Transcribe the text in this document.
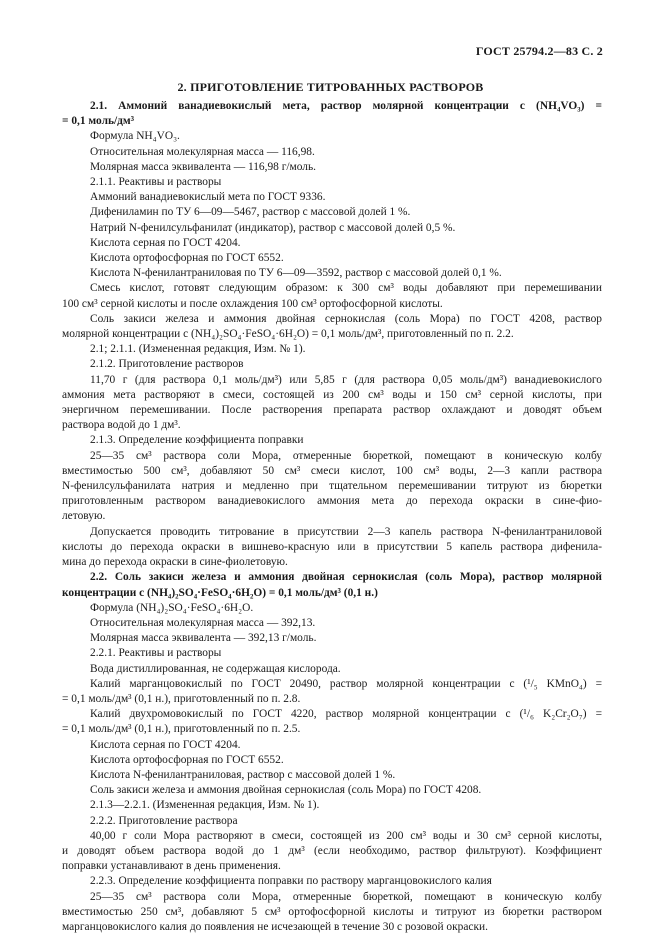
ГОСТ 25794.2—83 С. 2
2. ПРИГОТОВЛЕНИЕ ТИТРОВАННЫХ РАСТВОРОВ

2.1. Аммоний ванадиевокислый мета, раствор молярной концентрации c (NH₄VO₃) =

= 0,1 моль/дм³

Формула NH₄VO₃.

Относительная молекулярная масса — 116,98.

Молярная масса эквивалента — 116,98 г/моль.

2.1.1. Реактивы и растворы

Аммоний ванадиевокислый мета по ГОСТ 9336.

Дифениламин по ТУ 6—09—5467, раствор с массовой долей 1 %.

Натрий N-фенилсульфанилат (индикатор), раствор с массовой долей 0,5 %.

Кислота серная по ГОСТ 4204.

Кислота ортофосфорная по ГОСТ 6552.

Кислота N-фенилантраниловая по ТУ 6—09—3592, раствор с массовой долей 0,1 %.

Смесь кислот, готовят следующим образом: к 300 см³ воды добавляют при перемешивании

100 см³ серной кислоты и после охлаждения 100 см³ ортофосфорной кислоты.

Соль закиси железа и аммония двойная сернокислая (соль Мора) по ГОСТ 4208, раствор

молярной концентрации c (NH₄)₂SO₄·FeSO₄·6H₂O) = 0,1 моль/дм³, приготовленный по п. 2.2.

2.1; 2.1.1. (Измененная редакция, Изм. № 1).

2.1.2. Приготовление растворов

11,70 г (для раствора 0,1 моль/дм³) или 5,85 г (для раствора 0,05 моль/дм³) ванадиевокислого

аммония мета растворяют в смеси, состоящей из 200 см³ воды и 150 см³ серной кислоты, при

энергичном перемешивании. После растворения препарата раствор охлаждают и доводят объем

раствора водой до 1 дм³.

2.1.3. Определение коэффициента поправки

25—35 см³ раствора соли Мора, отмеренные бюреткой, помещают в коническую колбу

вместимостью 500 см³, добавляют 50 см³ смеси кислот, 100 см³ воды, 2—3 капли раствора

N-фенилсульфанилата натрия и медленно при тщательном перемешивании титруют из бюретки

приготовленным раствором ванадиевокислого аммония мета до перехода окраски в сине-фио-

летовую.

Допускается проводить титрование в присутствии 2—3 капель раствора N-фенилантраниловой

кислоты до перехода окраски в вишнево-красную или в присутствии 5 капель раствора дифенила-

мина до перехода окраски в сине-фиолетовую.

2.2. Соль закиси железа и аммония двойная сернокислая (соль Мора), раствор молярной

концентрации c (NH₄)₂SO₄·FeSO₄·6H₂O) = 0,1 моль/дм³ (0,1 н.)

Формула (NH₄)₂SO₄·FeSO₄·6H₂O.

Относительная молекулярная масса — 392,13.

Молярная масса эквивалента — 392,13 г/моль.

2.2.1. Реактивы и растворы

Вода дистиллированная, не содержащая кислорода.

Калий марганцовокислый по ГОСТ 20490, раствор молярной концентрации c (¹/₅ KMnO₄) =

= 0,1 моль/дм³ (0,1 н.), приготовленный по п. 2.8.

Калий двухромовокислый по ГОСТ 4220, раствор молярной концентрации c (¹/₆ K₂Cr₂O₇) =

= 0,1 моль/дм³ (0,1 н.), приготовленный по п. 2.5.

Кислота серная по ГОСТ 4204.

Кислота ортофосфорная по ГОСТ 6552.

Кислота N-фенилантраниловая, раствор с массовой долей 1 %.

Соль закиси железа и аммония двойная сернокислая (соль Мора) по ГОСТ 4208.

2.1.3—2.2.1. (Измененная редакция, Изм. № 1).

2.2.2. Приготовление раствора

40,00 г соли Мора растворяют в смеси, состоящей из 200 см³ воды и 30 см³ серной кислоты,

и доводят объем раствора водой до 1 дм³ (если необходимо, раствор фильтруют). Коэффициент

поправки устанавливают в день применения.

2.2.3. Определение коэффициента поправки по раствору марганцовокислого калия

25—35 см³ раствора соли Мора, отмеренные бюреткой, помещают в коническую колбу

вместимостью 250 см³, добавляют 5 см³ ортофосфорной кислоты и титруют из бюретки раствором

марганцовокислого калия до появления не исчезающей в течение 30 с розовой окраски.
